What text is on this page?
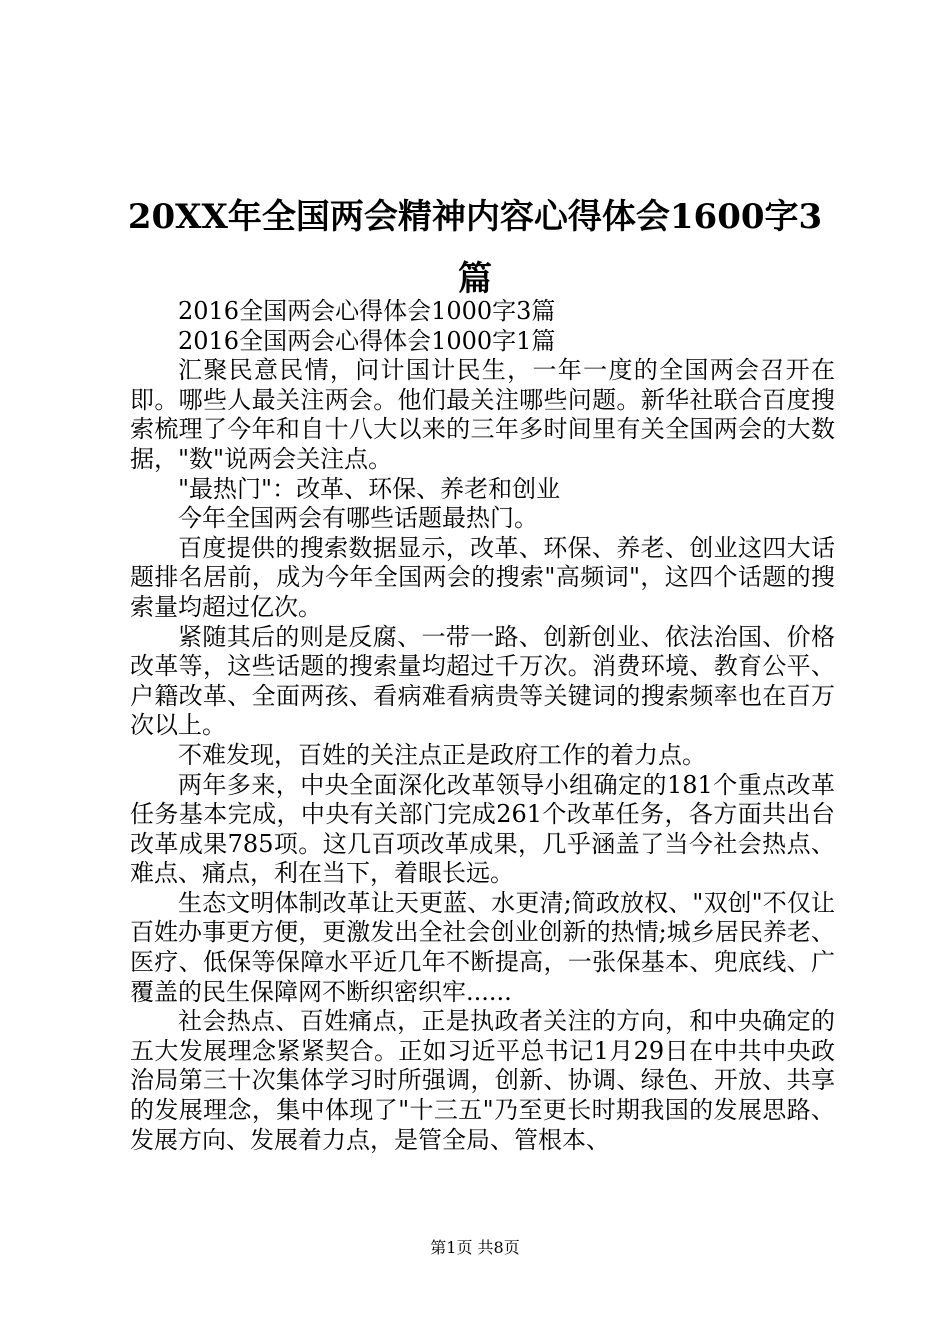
20XX年全国两会精神内容心得体会1600字3
篇

2016全国两会心得体会1000字3篇

2016全国两会心得体会1000字1篇

汇聚民意民情，问计国计民生，一年一度的全国两会召开在即。哪些人最关注两会。他们最关注哪些问题。新华社联合百度搜索梳理了今年和自十八大以来的三年多时间里有关全国两会的大数据，"数"说两会关注点。

"最热门"：改革、环保、养老和创业

今年全国两会有哪些话题最热门。

百度提供的搜索数据显示，改革、环保、养老、创业这四大话题排名居前，成为今年全国两会的搜索"高频词"，这四个话题的搜索量均超过亿次。

紧随其后的则是反腐、一带一路、创新创业、依法治国、价格改革等，这些话题的搜索量均超过千万次。消费环境、教育公平、户籍改革、全面两孩、看病难看病贵等关键词的搜索频率也在百万次以上。

不难发现，百姓的关注点正是政府工作的着力点。

两年多来，中央全面深化改革领导小组确定的181个重点改革任务基本完成，中央有关部门完成261个改革任务，各方面共出台改革成果785项。这几百项改革成果，几乎涵盖了当今社会热点、难点、痛点，利在当下，着眼长远。

生态文明体制改革让天更蓝、水更清;简政放权、"双创"不仅让百姓办事更方便，更激发出全社会创业创新的热情;城乡居民养老、医疗、低保等保障水平近几年不断提高，一张保基本、兜底线、广覆盖的民生保障网不断织密织牢......

社会热点、百姓痛点，正是执政者关注的方向，和中央确定的五大发展理念紧紧契合。正如习近平总书记1月29日在中共中央政治局第三十次集体学习时所强调，创新、协调、绿色、开放、共享的发展理念，集中体现了"十三五"乃至更长时期我国的发展思路、发展方向、发展着力点，是管全局、管根本、

第1页 共8页
